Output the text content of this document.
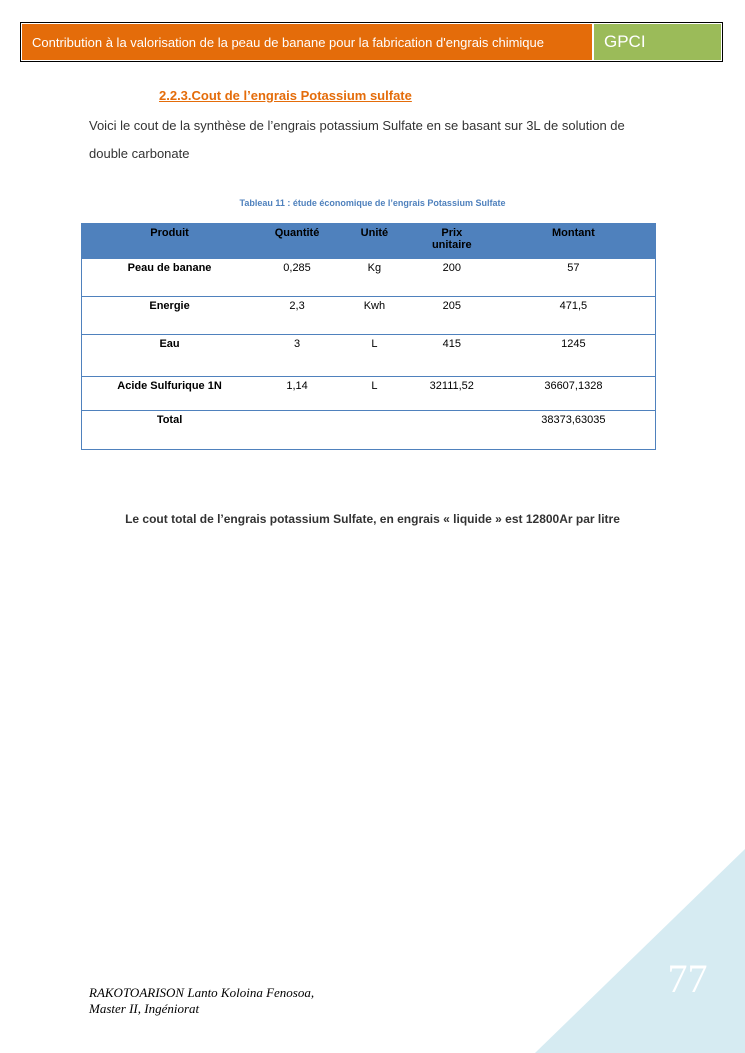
Contribution à la valorisation de la peau de banane pour la fabrication d'engrais chimique	GPCI
2.2.3.Cout de l’engrais Potassium sulfate
Voici le cout de la synthèse de l’engrais potassium Sulfate en se basant sur 3L de solution de double carbonate
Tableau 11 : étude économique de l’engrais Potassium Sulfate
Produit	Quantité	Unité	Prix unitaire	Montant
Peau de banane	0,285	Kg	200	57
Energie	2,3	Kwh	205	471,5
Eau	3	L	415	1245
Acide Sulfurique 1N	1,14	L	32111,52	36607,1328
Total				38373,63035
Le cout total de l’engrais potassium Sulfate, en engrais « liquide » est 12800Ar par litre
77
RAKOTOARISON Lanto Koloina Fenosoa,
Master II, Ingéniorat
